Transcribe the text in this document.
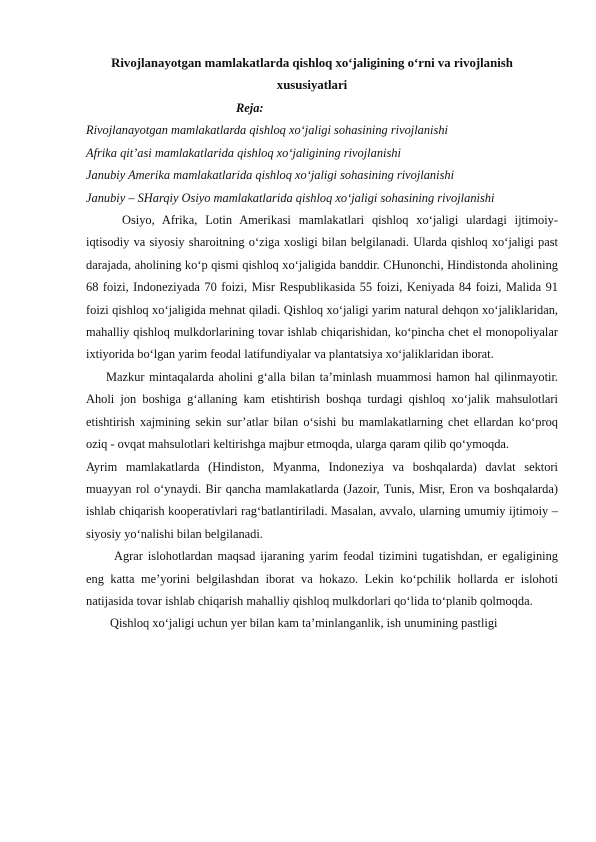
Rivojlanayotgan mamlakatlarda qishloq xo‘jaligining o‘rni va rivojlanish
xususiyatlari
Reja:
Rivojlanayotgan mamlakatlarda qishloq xo‘jaligi sohasining rivojlanishi
Afrika qit’asi mamlakatlarida qishloq xo‘jaligining rivojlanishi
Janubiy Amerika mamlakatlarida qishloq xo‘jaligi sohasining rivojlanishi
Janubiy – SHarqiy Osiyo mamlakatlarida qishloq xo‘jaligi sohasining rivojlanishi

Osiyo, Afrika, Lotin Amerikasi mamlakatlari qishloq xo‘jaligi ulardagi ijtimoiy-iqtisodiy va siyosiy sharoitning o‘ziga xosligi bilan belgilanadi. Ularda qishloq xo‘jaligi past darajada, aholining ko‘p qismi qishloq xo‘jaligida banddir. CHunonchi, Hindistonda aholining 68 foizi, Indoneziyada 70 foizi, Misr Respublikasida 55 foizi, Keniyada 84 foizi, Malida 91 foizi qishloq xo‘jaligida mehnat qiladi. Qishloq xo‘jaligi yarim natural dehqon xo‘jaliklaridan, mahalliy qishloq mulkdorlarining tovar ishlab chiqarishidan, ko‘pincha chet el monopoliyalar ixtiyorida bo‘lgan yarim feodal latifundiyalar va plantatsiya xo‘jaliklaridan iborat.

Mazkur mintaqalarda aholini g‘alla bilan ta’minlash muammosi hamon hal qilinmayotir. Aholi jon boshiga g‘allaning kam etishtirish boshqa turdagi qishloq xo‘jalik mahsulotlari etishtirish xajmining sekin sur’atlar bilan o‘sishi bu mamlakatlarning chet ellardan ko‘proq oziq - ovqat mahsulotlari keltirishga majbur etmoqda, ularga qaram qilib qo‘ymoqda.

Ayrim mamlakatlarda (Hindiston, Myanma, Indoneziya va boshqalarda) davlat sektori muayyan rol o‘ynaydi. Bir qancha mamlakatlarda (Jazoir, Tunis, Misr, Eron va boshqalarda) ishlab chiqarish kooperativlari rag‘batlantiriladi. Masalan, avvalo, ularning umumiy ijtimoiy – siyosiy yo‘nalishi bilan belgilanadi.

Agrar islohotlardan maqsad ijaraning yarim feodal tizimini tugatishdan, er egaligining eng katta me’yorini belgilashdan iborat va hokazo. Lekin ko‘pchilik hollarda er islohoti natijasida tovar ishlab chiqarish mahalliy qishloq mulkdorlari qo‘lida to‘planib qolmoqda.

Qishloq xo‘jaligi uchun yer bilan kam ta’minlanganlik, ish unumining pastligi
